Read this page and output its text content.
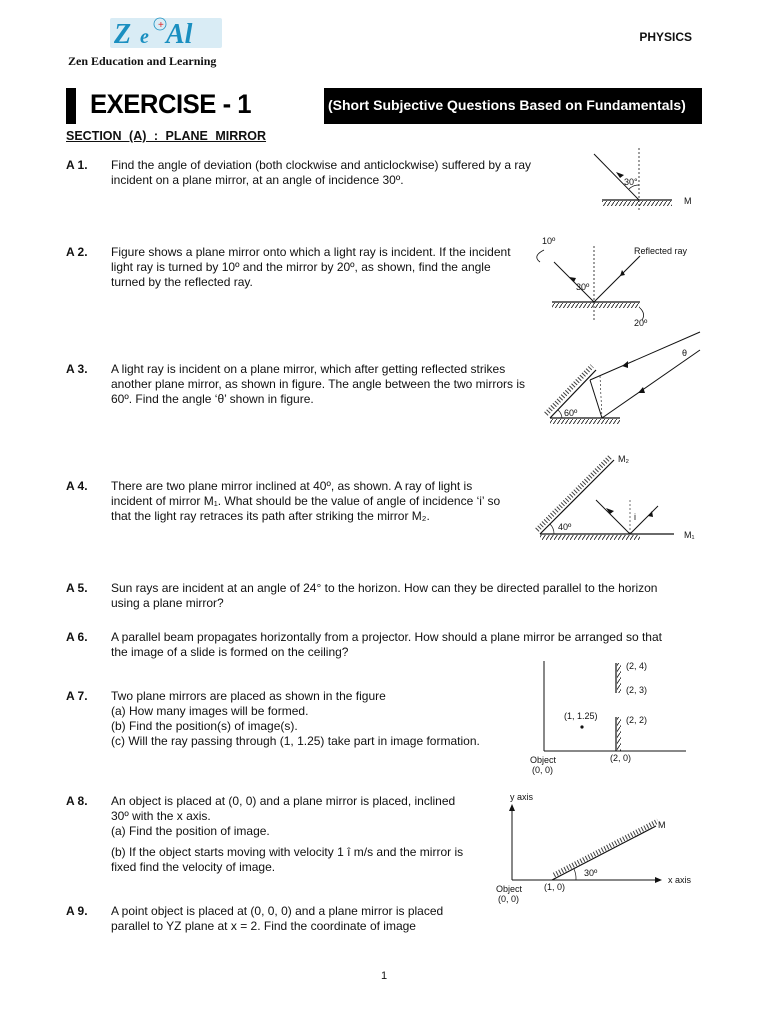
Z e Al
+
Zen Education and Learning
PHYSICS
EXERCISE - 1	(Short Subjective Questions Based on Fundamentals)
SECTION (A) : PLANE MIRROR
A 1.	Find the angle of deviation (both clockwise and anticlockwise) suffered by a ray
incident on a plane mirror, at an angle of incidence 30º.
A 2.	Figure shows a plane mirror onto which a light ray is incident. If the incident
light ray is turned by 10º and the mirror by 20º, as shown, find the angle
turned by the reflected ray.
A 3.	A light ray is incident on a plane mirror, which after getting reflected strikes
another plane mirror, as shown in figure. The angle between the two mirrors is
60º. Find the angle ‘θ’ shown in figure.
A 4.	There are two plane mirror inclined at 40º, as shown. A ray of light is
incident of mirror M₁. What should be the value of angle of incidence ‘i’ so
that the light ray retraces its path after striking the mirror M₂.
A 5.	Sun rays are incident at an angle of 24° to the horizon. How can they be directed parallel to the horizon
using a plane mirror?
A 6.	A parallel beam propagates horizontally from a projector. How should a plane mirror be arranged so that
the image of a slide is formed on the ceiling?
A 7.	Two plane mirrors are placed as shown in the figure
(a) How many images will be formed.
(b) Find the position(s) of image(s).
(c) Will the ray passing through (1, 1.25) take part in image formation.
A 8.	An object is placed at (0, 0) and a plane mirror is placed, inclined
30º with the x axis.
(a) Find the position of image.
(b) If the object starts moving with velocity 1 î m/s and the mirror is
fixed find the velocity of image.
A 9.	A point object is placed at (0, 0, 0) and a plane mirror is placed
parallel to YZ plane at x = 2. Find the coordinate of image
30°
M
10º
Reflected ray
30º
20º
60º
θ
M₂
M₁
40º
i
(2, 4)
(2, 3)
(2, 2)
(2, 0)
(1, 1.25)
Object
(0, 0)
y axis
x axis
M
30º
(1, 0)
Object
(0, 0)
1
